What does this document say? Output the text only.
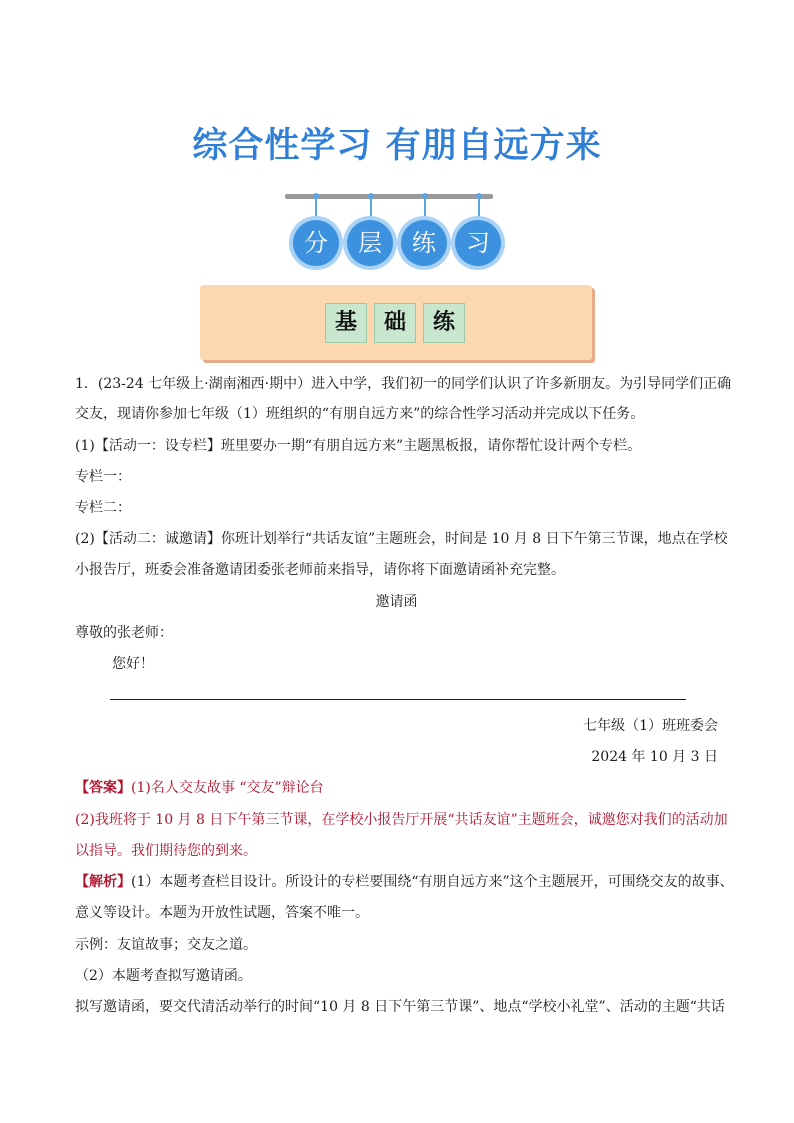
综合性学习 有朋自远方来
分	层	练	习
基	础	练
1．(23-24 七年级上·湖南湘西·期中）进入中学，我们初一的同学们认识了许多新朋友。为引导同学们正确
交友，现请你参加七年级（1）班组织的“有朋自远方来”的综合性学习活动并完成以下任务。
(1)【活动一：设专栏】班里要办一期“有朋自远方来”主题黑板报，请你帮忙设计两个专栏。
专栏一：
专栏二：
(2)【活动二：诚邀请】你班计划举行“共话友谊”主题班会，时间是 10 月 8 日下午第三节课，地点在学校
小报告厅，班委会准备邀请团委张老师前来指导，请你将下面邀请函补充完整。
邀请函
尊敬的张老师：
您好！
七年级（1）班班委会
2024 年 10 月 3 日
【答案】(1)名人交友故事 “交友”辩论台
(2)我班将于 10 月 8 日下午第三节课，在学校小报告厅开展“共话友谊”主题班会，诚邀您对我们的活动加
以指导。我们期待您的到来。
【解析】(1）本题考查栏目设计。所设计的专栏要围绕“有朋自远方来”这个主题展开，可围绕交友的故事、
意义等设计。本题为开放性试题，答案不唯一。
示例：友谊故事；交友之道。
（2）本题考查拟写邀请函。
拟写邀请函，要交代清活动举行的时间“10 月 8 日下午第三节课”、地点“学校小礼堂”、活动的主题“共话
